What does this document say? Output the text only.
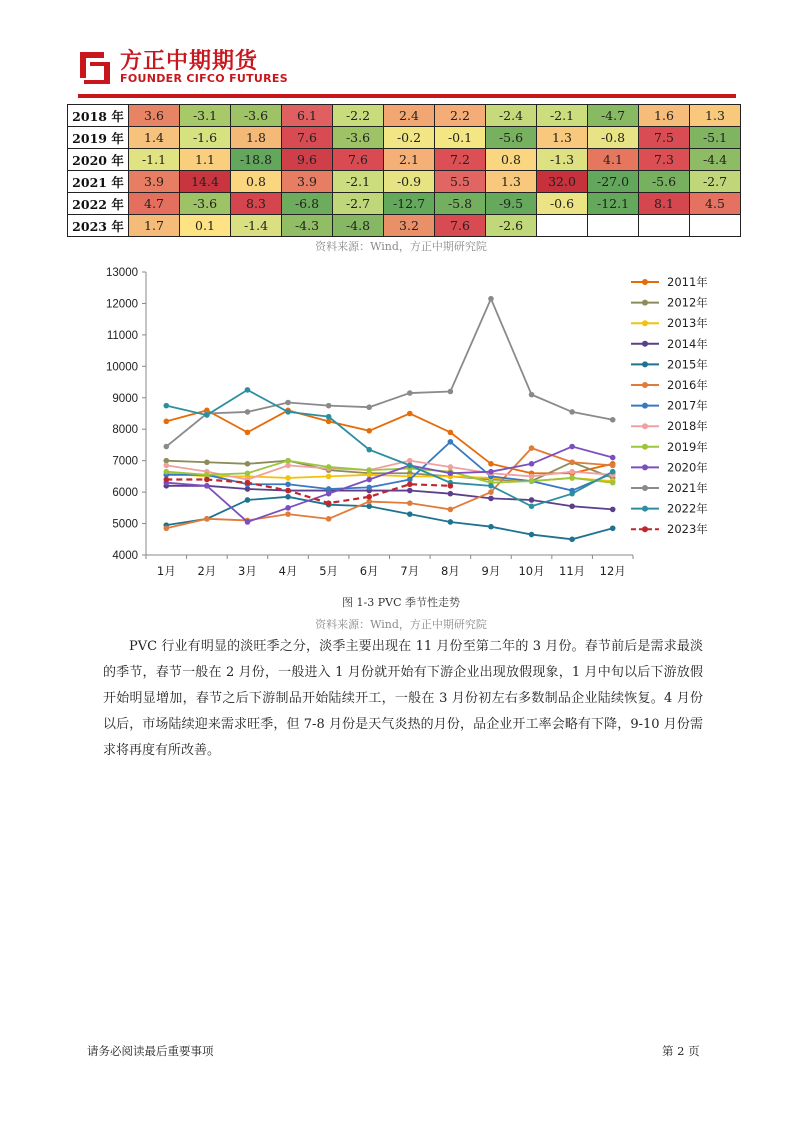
方正中期期货
FOUNDER CIFCO FUTURES
2018 年	3.6	-3.1	-3.6	6.1	-2.2	2.4	2.2	-2.4	-2.1	-4.7	1.6	1.3
2019 年	1.4	-1.6	1.8	7.6	-3.6	-0.2	-0.1	-5.6	1.3	-0.8	7.5	-5.1
2020 年	-1.1	1.1	-18.8	9.6	7.6	2.1	7.2	0.8	-1.3	4.1	7.3	-4.4
2021 年	3.9	14.4	0.8	3.9	-2.1	-0.9	5.5	1.3	32.0	-27.0	-5.6	-2.7
2022 年	4.7	-3.6	8.3	-6.8	-2.7	-12.7	-5.8	-9.5	-0.6	-12.1	8.1	4.5
2023 年	1.7	0.1	-1.4	-4.3	-4.8	3.2	7.6	-2.6				
资料来源：Wind，方正中期研究院
4000
5000
6000
7000
8000
9000
10000
11000
12000
13000
1月 2月 3月 4月 5月 6月 7月 8月 9月 10月 11月 12月
2011年
2012年
2013年
2014年
2015年
2016年
2017年
2018年
2019年
2020年
2021年
2022年
2023年
图 1-3 PVC 季节性走势
资料来源：Wind，方正中期研究院

PVC 行业有明显的淡旺季之分，淡季主要出现在 11 月份至第二年的 3 月份。春节前后是需求最淡的季节，春节一般在 2 月份，一般进入 1 月份就开始有下游企业出现放假现象，1 月中旬以后下游放假开始明显增加，春节之后下游制品开始陆续开工，一般在 3 月份初左右多数制品企业陆续恢复。4 月份以后，市场陆续迎来需求旺季，但 7-8 月份是天气炎热的月份，品企业开工率会略有下降，9-10 月份需求将再度有所改善。

请务必阅读最后重要事项	第 2 页
